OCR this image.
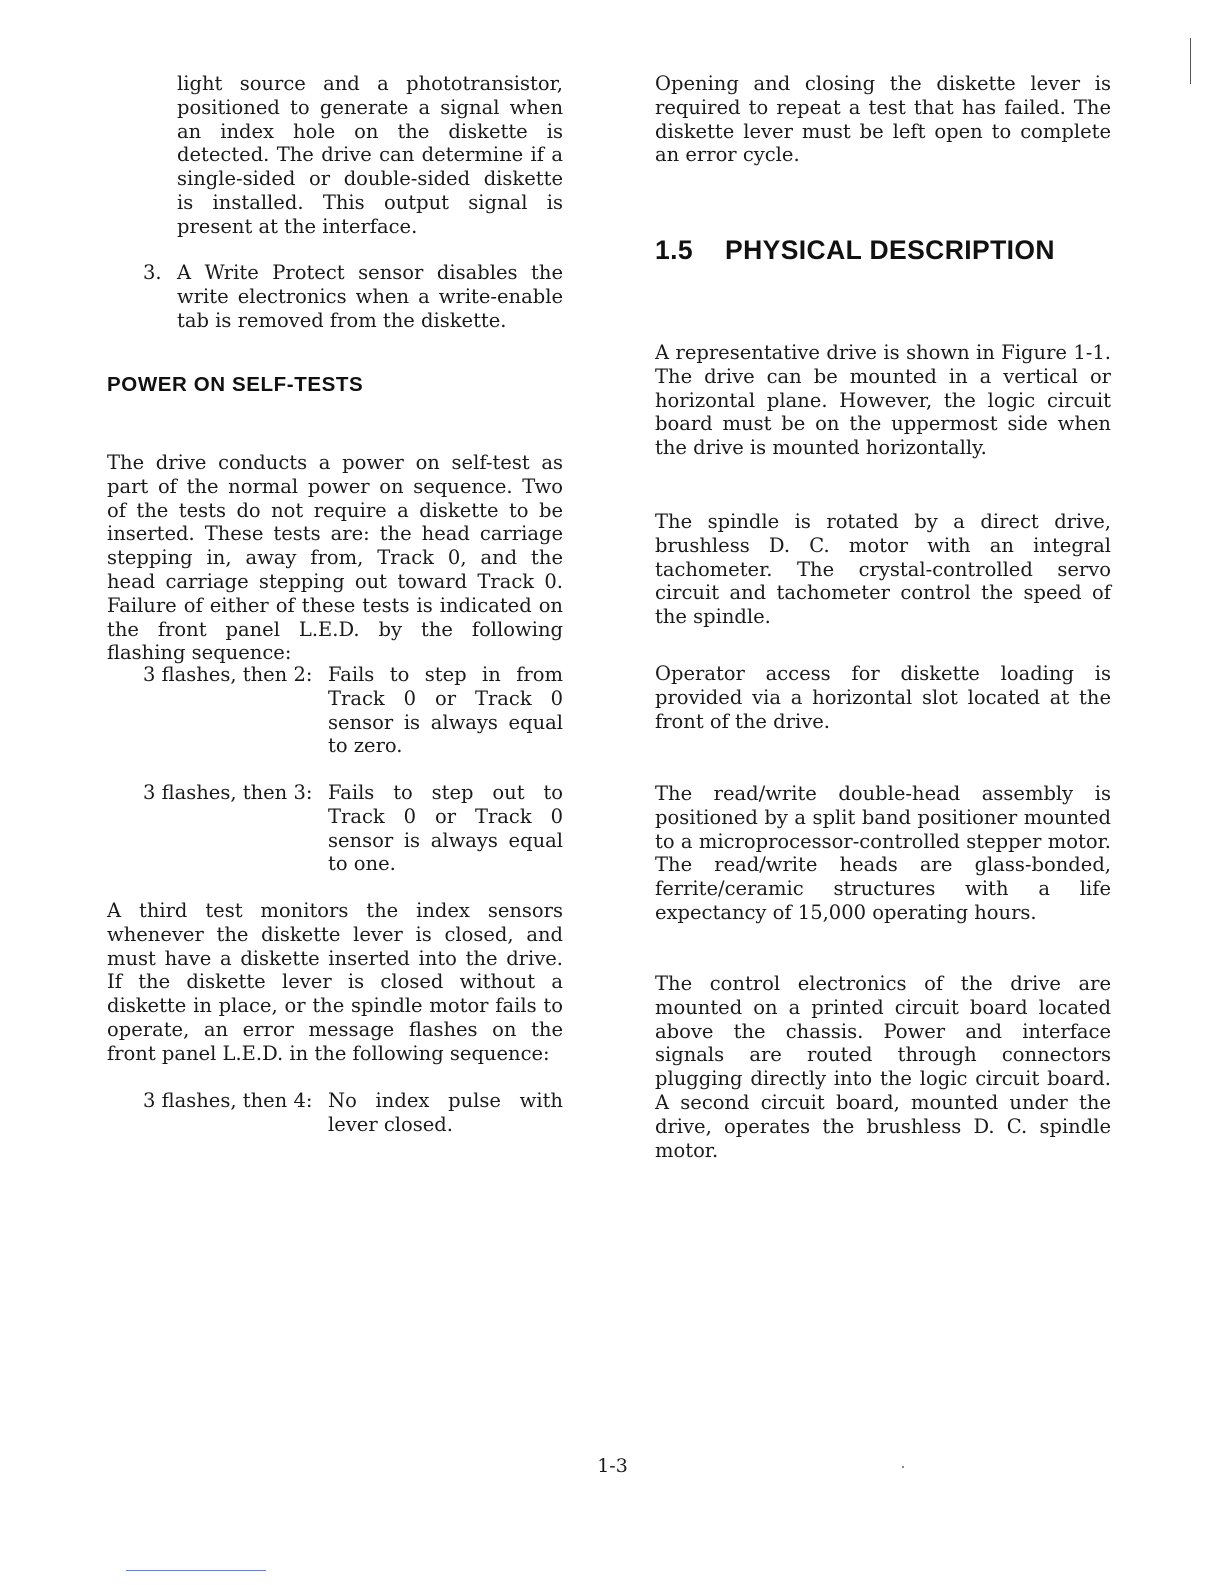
light source and a phototransistor, positioned to generate a signal when an index hole on the diskette is detected. The drive can determine if a single-sided or double-sided diskette is installed. This output signal is present at the interface.

3. A Write Protect sensor disables the write electronics when a write-enable tab is removed from the diskette.

POWER ON SELF-TESTS

The drive conducts a power on self-test as part of the normal power on sequence. Two of the tests do not require a diskette to be inserted. These tests are: the head carriage stepping in, away from, Track 0, and the head carriage stepping out toward Track 0. Failure of either of these tests is indicated on the front panel L.E.D. by the following flashing sequence:

3 flashes, then 2: Fails to step in from Track 0 or Track 0 sensor is always equal to zero.

3 flashes, then 3: Fails to step out to Track 0 or Track 0 sensor is always equal to one.

A third test monitors the index sensors whenever the diskette lever is closed, and must have a diskette inserted into the drive. If the diskette lever is closed without a diskette in place, or the spindle motor fails to operate, an error message flashes on the front panel L.E.D. in the following sequence:

3 flashes, then 4: No index pulse with lever closed.

Opening and closing the diskette lever is required to repeat a test that has failed. The diskette lever must be left open to complete an error cycle.

1.5 PHYSICAL DESCRIPTION

A representative drive is shown in Figure 1-1. The drive can be mounted in a vertical or horizontal plane. However, the logic circuit board must be on the uppermost side when the drive is mounted horizontally.

The spindle is rotated by a direct drive, brushless D. C. motor with an integral tachometer. The crystal-controlled servo circuit and tachometer control the speed of the spindle.

Operator access for diskette loading is provided via a horizontal slot located at the front of the drive.

The read/write double-head assembly is positioned by a split band positioner mounted to a microprocessor-controlled stepper motor. The read/write heads are glass-bonded, ferrite/ceramic structures with a life expectancy of 15,000 operating hours.

The control electronics of the drive are mounted on a printed circuit board located above the chassis. Power and interface signals are routed through connectors plugging directly into the logic circuit board. A second circuit board, mounted under the drive, operates the brushless D. C. spindle motor.

1-3
